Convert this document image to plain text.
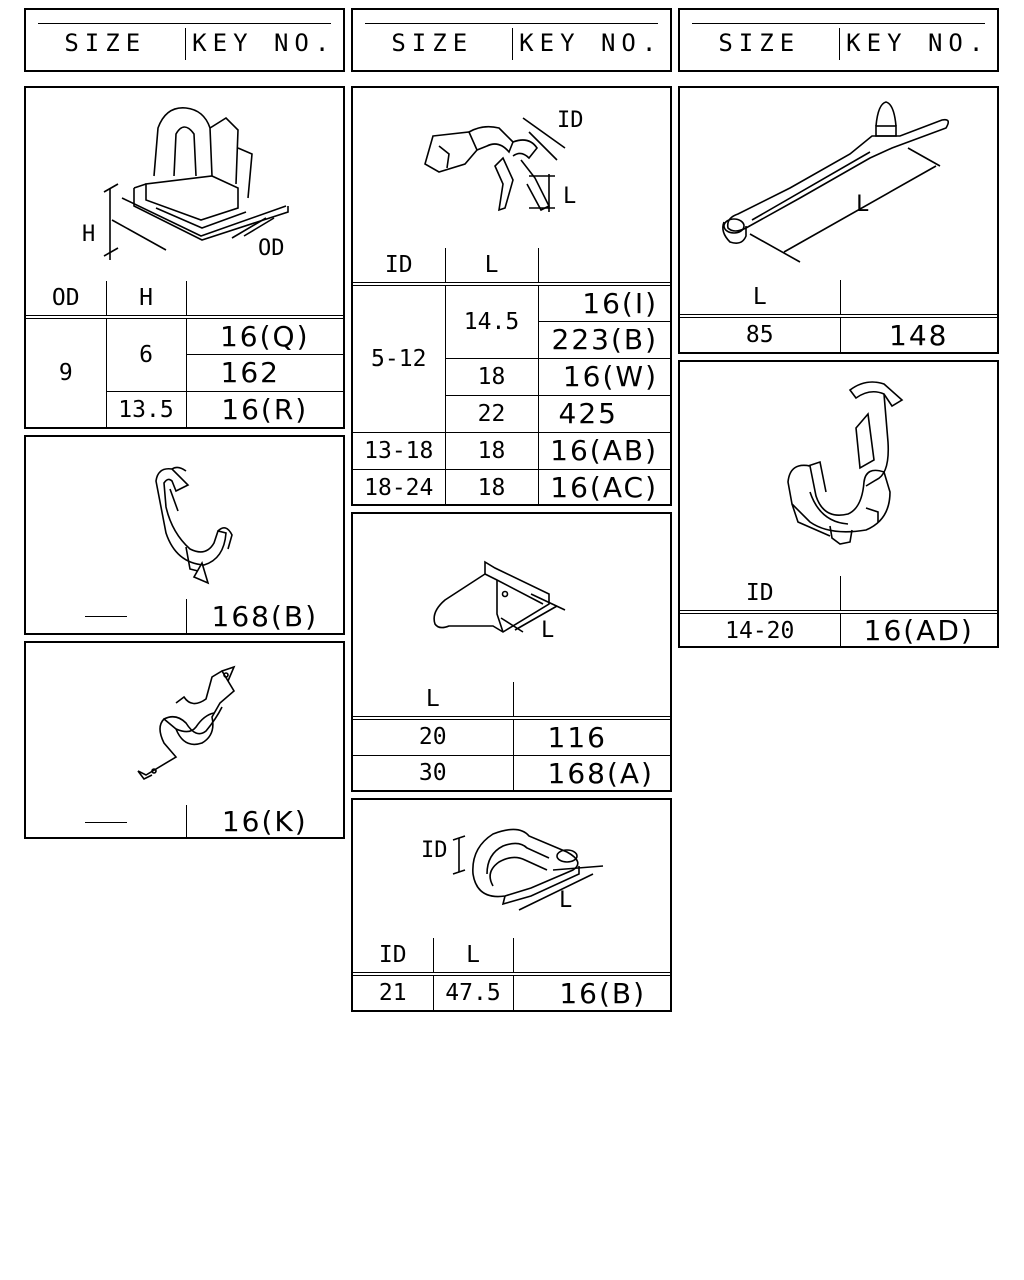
SIZE	KEY NO.	SIZE	KEY NO.	SIZE	KEY NO.
H
OD
OD	H	
9	6	16(Q)
		162
	13.5	16(R)
	168(B)
	16(K)
ID
L
ID	L	
5-12	14.5	16(I)
		223(B)
	18	16(W)
	22	425
13-18	18	16(AB)
18-24	18	16(AC)
L
L	
20	116
30	168(A)
ID
L
ID	L	
21	47.5	16(B)
L
L	
85	148
ID	
14-20	16(AD)
